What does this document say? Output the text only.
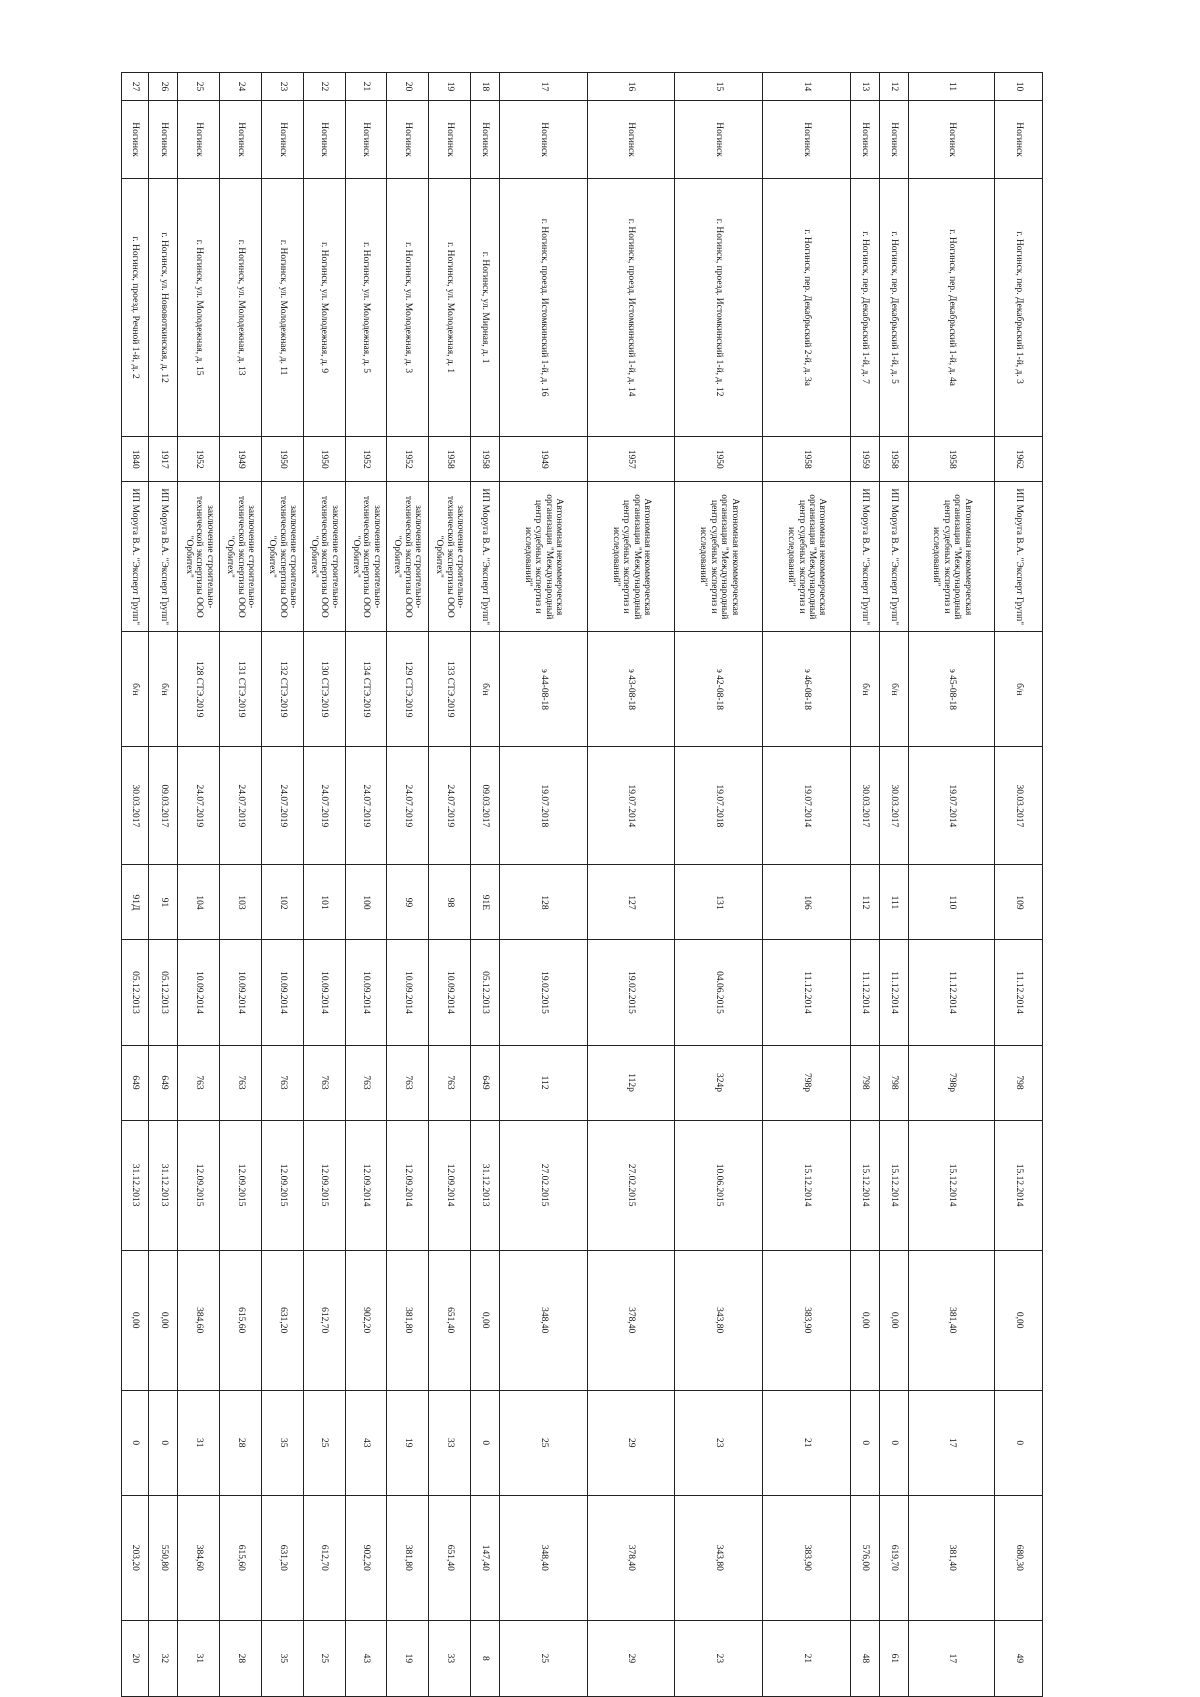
10	Ногинск	г. Ногинск, пер. Декабрьский 1-й, д. 3	1962	ИП Моруга В.А. "Эксперт Групп"	б/н	30.03.2017	109	11.12.2014	798	15.12.2014	0,00	0	680,30	49
11	Ногинск	г. Ногинск, пер. Декабрьский 1-й, д. 4а	1958	Автономная некоммерческая организация "Международный центр судебных экспертиз и исследований"	э 45-08-18	19.07.2014	110	11.12.2014	798р	15.12.2014	381,40	17	381,40	17
12	Ногинск	г. Ногинск, пер. Декабрьский 1-й, д. 5	1958	ИП Моруга В.А. "Эксперт Групп"	б/н	30.03.2017	111	11.12.2014	798	15.12.2014	0,00	0	619,70	61
13	Ногинск	г. Ногинск, пер. Декабрьский 1-й, д. 7	1959	ИП Моруга В.А. "Эксперт Групп"	б/н	30.03.2017	112	11.12.2014	798	15.12.2014	0,00	0	576,00	48
14	Ногинск	г. Ногинск, пер. Декабрьский 2-й, д. 3а	1958	Автономная некоммерческая организация "Международный центр судебных экспертиз и исследований"	э 46-08-18	19.07.2014	106	11.12.2014	798р	15.12.2014	383,90	21	383,90	21
15	Ногинск	г. Ногинск, проезд. Истомкинский 1-й, д. 12	1950	Автономная некоммерческая организация "Международный центр судебных экспертиз и исследований"	э 42-08-18	19.07.2018	131	04.06.2015	324р	10.06.2015	343,80	23	343,80	23
16	Ногинск	г. Ногинск, проезд. Истомкинский 1-й, д. 14	1957	Автономная некоммерческая организация "Международный центр судебных экспертиз и исследований"	э 43-08-18	19.07.2014	127	19.02.2015	112р	27.02.2015	378,40	29	378,40	29
17	Ногинск	г. Ногинск, проезд. Истомкинский 1-й, д. 16	1949	Автономная некоммерческая организация "Международный центр судебных экспертиз и исследований"	э 44-08-18	19.07.2018	128	19.02.2015	112	27.02.2015	348,40	25	348,40	25
18	Ногинск	г. Ногинск, ул. Мирная, д. 1	1958	ИП Моруга В.А. "Эксперт Групп"	б/н	09.03.2017	91Е	05.12.2013	649	31.12.2013	0,00	0	147,40	8
19	Ногинск	г. Ногинск, ул. Молодежная, д. 1	1958	заключение строительно-технической экспертизы ООО "Орбитех"	133 СТЭ.2019	24.07.2019	98	10.09.2014	763	12.09.2014	651,40	33	651,40	33
20	Ногинск	г. Ногинск, ул. Молодежная, д. 3	1952	заключение строительно-технической экспертизы ООО "Орбитех"	129 СТЭ.2019	24.07.2019	99	10.09.2014	763	12.09.2014	381,80	19	381,80	19
21	Ногинск	г. Ногинск, ул. Молодежная, д. 5	1952	заключение строительно-технической экспертизы ООО "Орбитех"	134 СТЭ.2019	24.07.2019	100	10.09.2014	763	12.09.2014	902,20	43	902,20	43
22	Ногинск	г. Ногинск, ул. Молодежная, д. 9	1950	заключение строительно-технической экспертизы ООО "Орбитех"	130 СТЭ.2019	24.07.2019	101	10.09.2014	763	12.09.2015	612,70	25	612,70	25
23	Ногинск	г. Ногинск, ул. Молодежная, д. 11	1950	заключение строительно-технической экспертизы ООО "Орбитех"	132 СТЭ.2019	24.07.2019	102	10.09.2014	763	12.09.2015	631,20	35	631,20	35
24	Ногинск	г. Ногинск, ул. Молодежная, д. 13	1949	заключение строительно-технической экспертизы ООО "Орбитех"	131 СТЭ.2019	24.07.2019	103	10.09.2014	763	12.09.2015	615,60	28	615,60	28
25	Ногинск	г. Ногинск, ул. Молодежная, д. 15	1952	заключение строительно-технической экспертизы ООО "Орбитех"	128 СТЭ.2019	24.07.2019	104	10.09.2014	763	12.09.2015	384,60	31	384,60	31
26	Ногинск	г. Ногинск, ул. Нововоткинская, д. 12	1917	ИП Моруга В.А. "Эксперт Групп"	б/н	09.03.2017	91	05.12.2013	649	31.12.2013	0,00	0	550,80	32
27	Ногинск	г. Ногинск, проезд. Речной 1-й, д. 2	1840	ИП Моруга В.А. "Эксперт Групп"	б/н	30.03.2017	91Д	05.12.2013	649	31.12.2013	0,00	0	203,20	20
